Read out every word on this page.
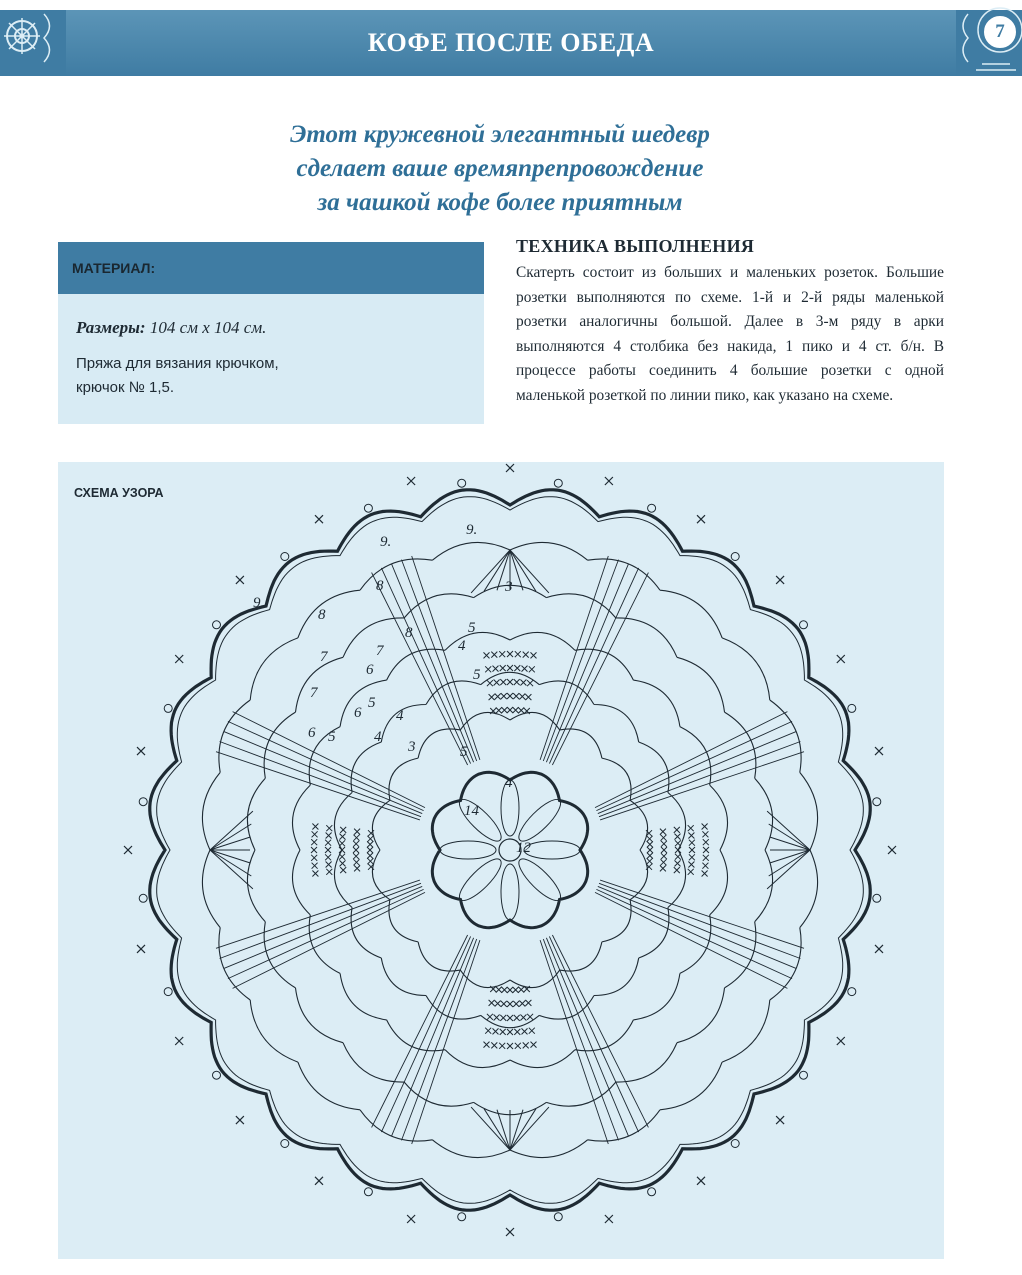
КОФЕ ПОСЛЕ ОБЕДА	7
Этот кружевной элегантный шедевр
сделает ваше времяпрепровождение
за чашкой кофе более приятным
МАТЕРИАЛ:
Размеры: 104 см х 104 см.
Пряжа для вязания крючком,
крючок № 1,5.
ТЕХНИКА ВЫПОЛНЕНИЯ
Скатерть состоит из больших и маленьких розеток. Большие розетки выполняются по схеме. 1-й и 2-й ряды маленькой розетки аналогичны большой. Далее в 3-м ряду в арки выполняются 4 столбика без накида, 1 пико и 4 ст. б/н. В процессе работы соединить 4 большие розетки с одной маленькой розеткой по линии пико, как указано на схеме.
СХЕМА УЗОРА
9.
9.
9.
8
8
8
7
7
7
6
6
6 5
5
5
5
5
4
4
4
4
3
3
14
12
